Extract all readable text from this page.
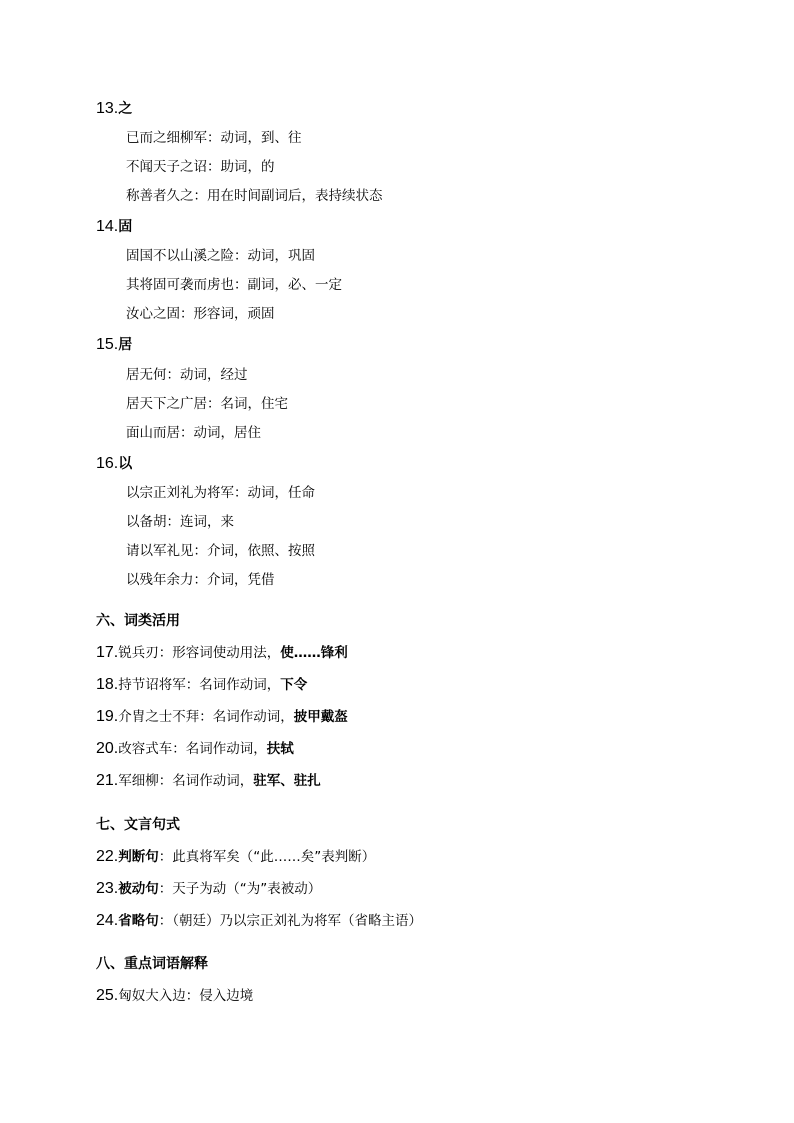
13.之
已而之细柳军：动词，到、往
不闻天子之诏：助词，的
称善者久之：用在时间副词后，表持续状态
14.固
固国不以山溪之险：动词，巩固
其将固可袭而虏也：副词，必、一定
汝心之固：形容词，顽固
15.居
居无何：动词，经过
居天下之广居：名词，住宅
面山而居：动词，居住
16.以
以宗正刘礼为将军：动词，任命
以备胡：连词，来
请以军礼见：介词，依照、按照
以残年余力：介词，凭借
六、词类活用
17.锐兵刃：形容词使动用法，使……锋利
18.持节诏将军：名词作动词，下令
19.介胄之士不拜：名词作动词，披甲戴盔
20.改容式车：名词作动词，扶轼
21.军细柳：名词作动词，驻军、驻扎
七、文言句式
22.判断句：此真将军矣（“此……矣”表判断）
23.被动句：天子为动（“为”表被动）
24.省略句：（朝廷）乃以宗正刘礼为将军（省略主语）
八、重点词语解释
25.匈奴大入边：侵入边境
